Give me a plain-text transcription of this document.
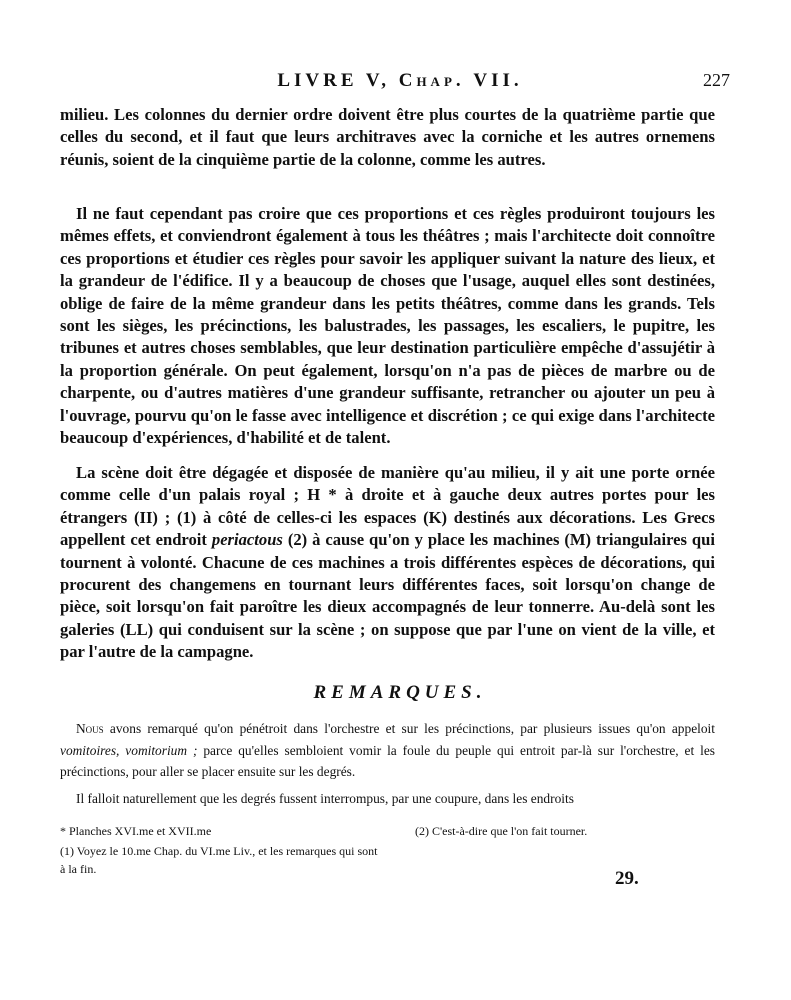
LIVRE V, Chap. VII.	227

milieu. Les colonnes du dernier ordre doivent être plus courtes de la quatrième partie que celles du second, et il faut que leurs architraves avec la corniche et les autres ornemens réunis, soient de la cinquième partie de la colonne, comme les autres.

Il ne faut cependant pas croire que ces proportions et ces règles produiront toujours les mêmes effets, et conviendront également à tous les théâtres ; mais l'architecte doit connoître ces proportions et étudier ces règles pour savoir les appliquer suivant la nature des lieux, et la grandeur de l'édifice. Il y a beaucoup de choses que l'usage, auquel elles sont destinées, oblige de faire de la même grandeur dans les petits théâtres, comme dans les grands. Tels sont les sièges, les précinctions, les balustrades, les passages, les escaliers, le pupitre, les tribunes et autres choses semblables, que leur destination particulière empêche d'assujétir à la proportion générale. On peut également, lorsqu'on n'a pas de pièces de marbre ou de charpente, ou d'autres matières d'une grandeur suffisante, retrancher ou ajouter un peu à l'ouvrage, pourvu qu'on le fasse avec intelligence et discrétion ; ce qui exige dans l'architecte beaucoup d'expériences, d'habilité et de talent.

La scène doit être dégagée et disposée de manière qu'au milieu, il y ait une porte ornée comme celle d'un palais royal ; H * à droite et à gauche deux autres portes pour les étrangers (II) ; (1) à côté de celles-ci les espaces (K) destinés aux décorations. Les Grecs appellent cet endroit periactous (2) à cause qu'on y place les machines (M) triangulaires qui tournent à volonté. Chacune de ces machines a trois différentes espèces de décorations, qui procurent des changemens en tournant leurs différentes faces, soit lorsqu'on change de pièce, soit lorsqu'on fait paroître les dieux accompagnés de leur tonnerre. Au-delà sont les galeries (LL) qui conduisent sur la scène ; on suppose que par l'une on vient de la ville, et par l'autre de la campagne.

REMARQUES.

Nous avons remarqué qu'on pénétroit dans l'orchestre et sur les précinctions, par plusieurs issues qu'on appeloit vomitoires, vomitorium ; parce qu'elles sembloient vomir la foule du peuple qui entroit par-là sur l'orchestre, et les précinctions, pour aller se placer ensuite sur les degrés.

Il falloit naturellement que les degrés fussent interrompus, par une coupure, dans les endroits

* Planches XVI.me et XVII.me

(1) Voyez le 10.me Chap. du VI.me Liv., et les remarques qui sont à la fin.

(2) C'est-à-dire que l'on fait tourner.

29.
